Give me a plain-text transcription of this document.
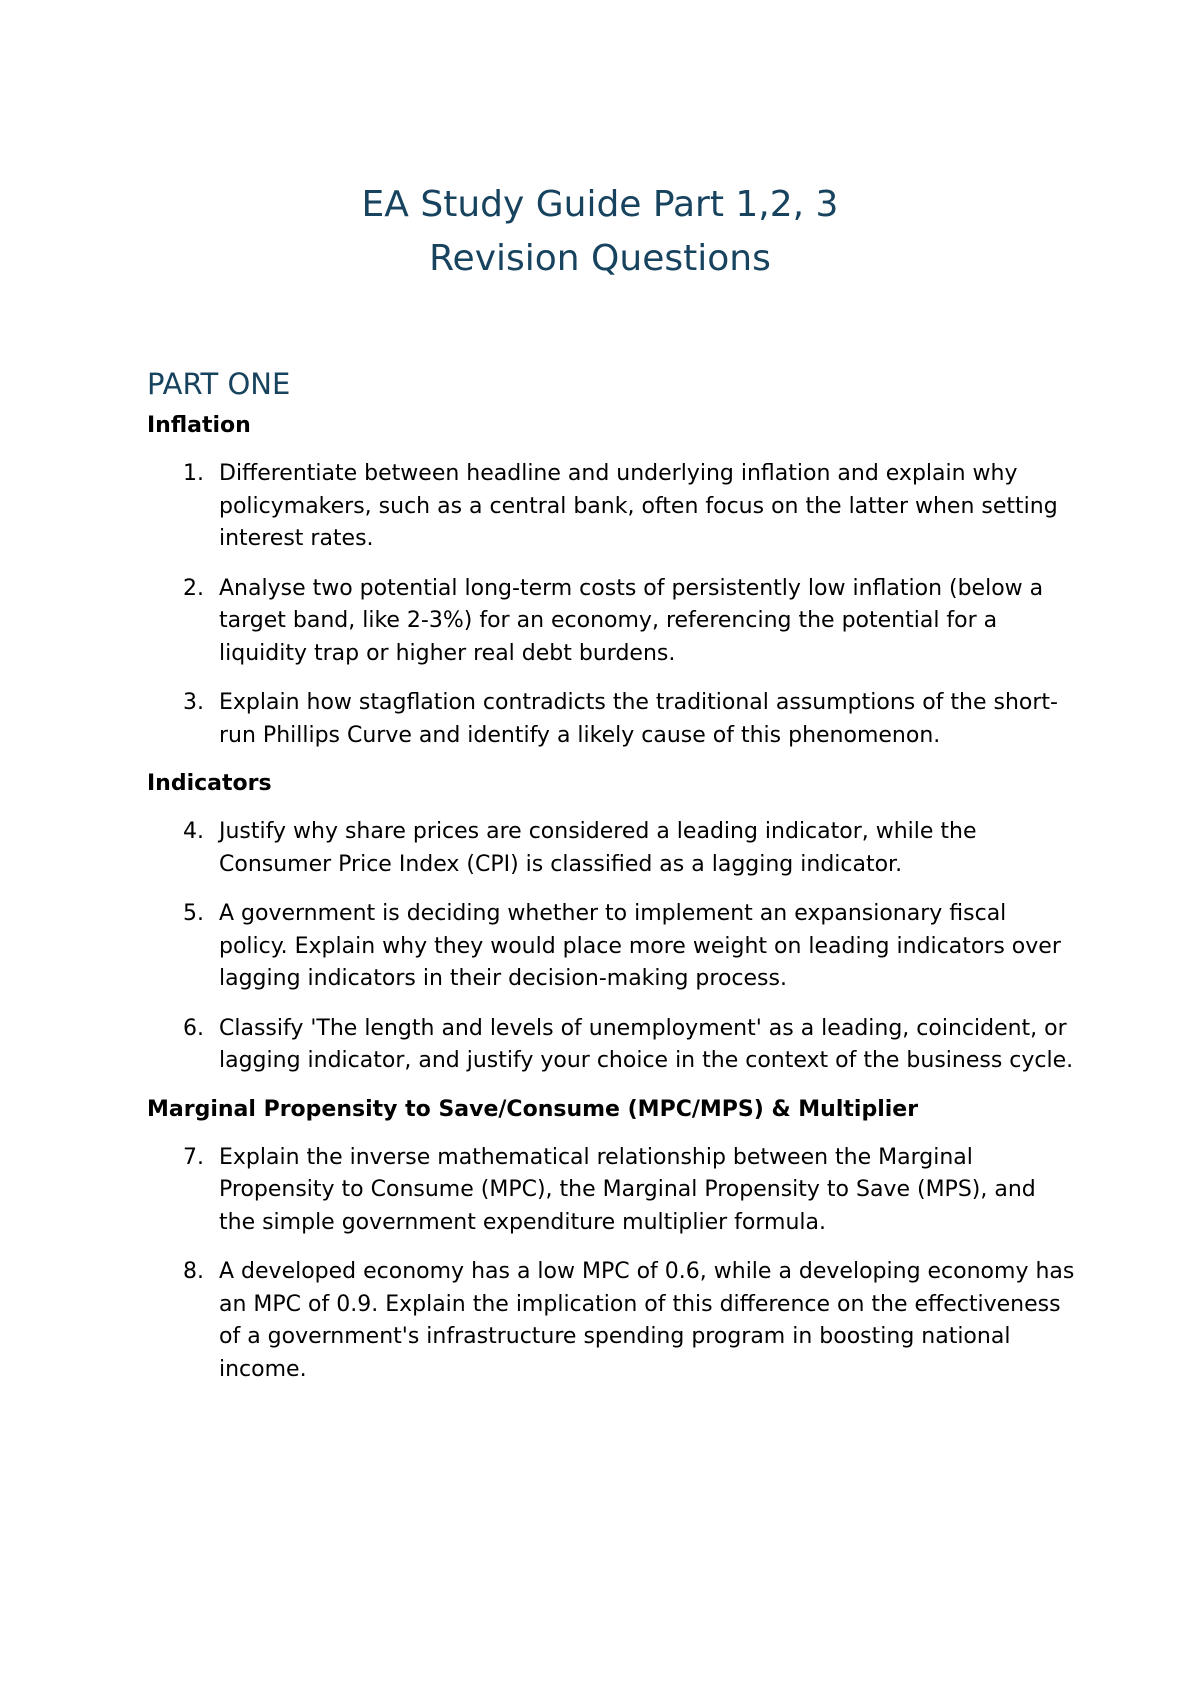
EA Study Guide Part 1,2, 3
Revision Questions
PART ONE
Inflation
1. Differentiate between headline and underlying inflation and explain why policymakers, such as a central bank, often focus on the latter when setting interest rates.
2. Analyse two potential long-term costs of persistently low inflation (below a target band, like 2-3%) for an economy, referencing the potential for a liquidity trap or higher real debt burdens.
3. Explain how stagflation contradicts the traditional assumptions of the short-run Phillips Curve and identify a likely cause of this phenomenon.
Indicators
4. Justify why share prices are considered a leading indicator, while the Consumer Price Index (CPI) is classified as a lagging indicator.
5. A government is deciding whether to implement an expansionary fiscal policy. Explain why they would place more weight on leading indicators over lagging indicators in their decision-making process.
6. Classify 'The length and levels of unemployment' as a leading, coincident, or lagging indicator, and justify your choice in the context of the business cycle.
Marginal Propensity to Save/Consume (MPC/MPS) & Multiplier
7. Explain the inverse mathematical relationship between the Marginal Propensity to Consume (MPC), the Marginal Propensity to Save (MPS), and the simple government expenditure multiplier formula.
8. A developed economy has a low MPC of 0.6, while a developing economy has an MPC of 0.9. Explain the implication of this difference on the effectiveness of a government's infrastructure spending program in boosting national income.
